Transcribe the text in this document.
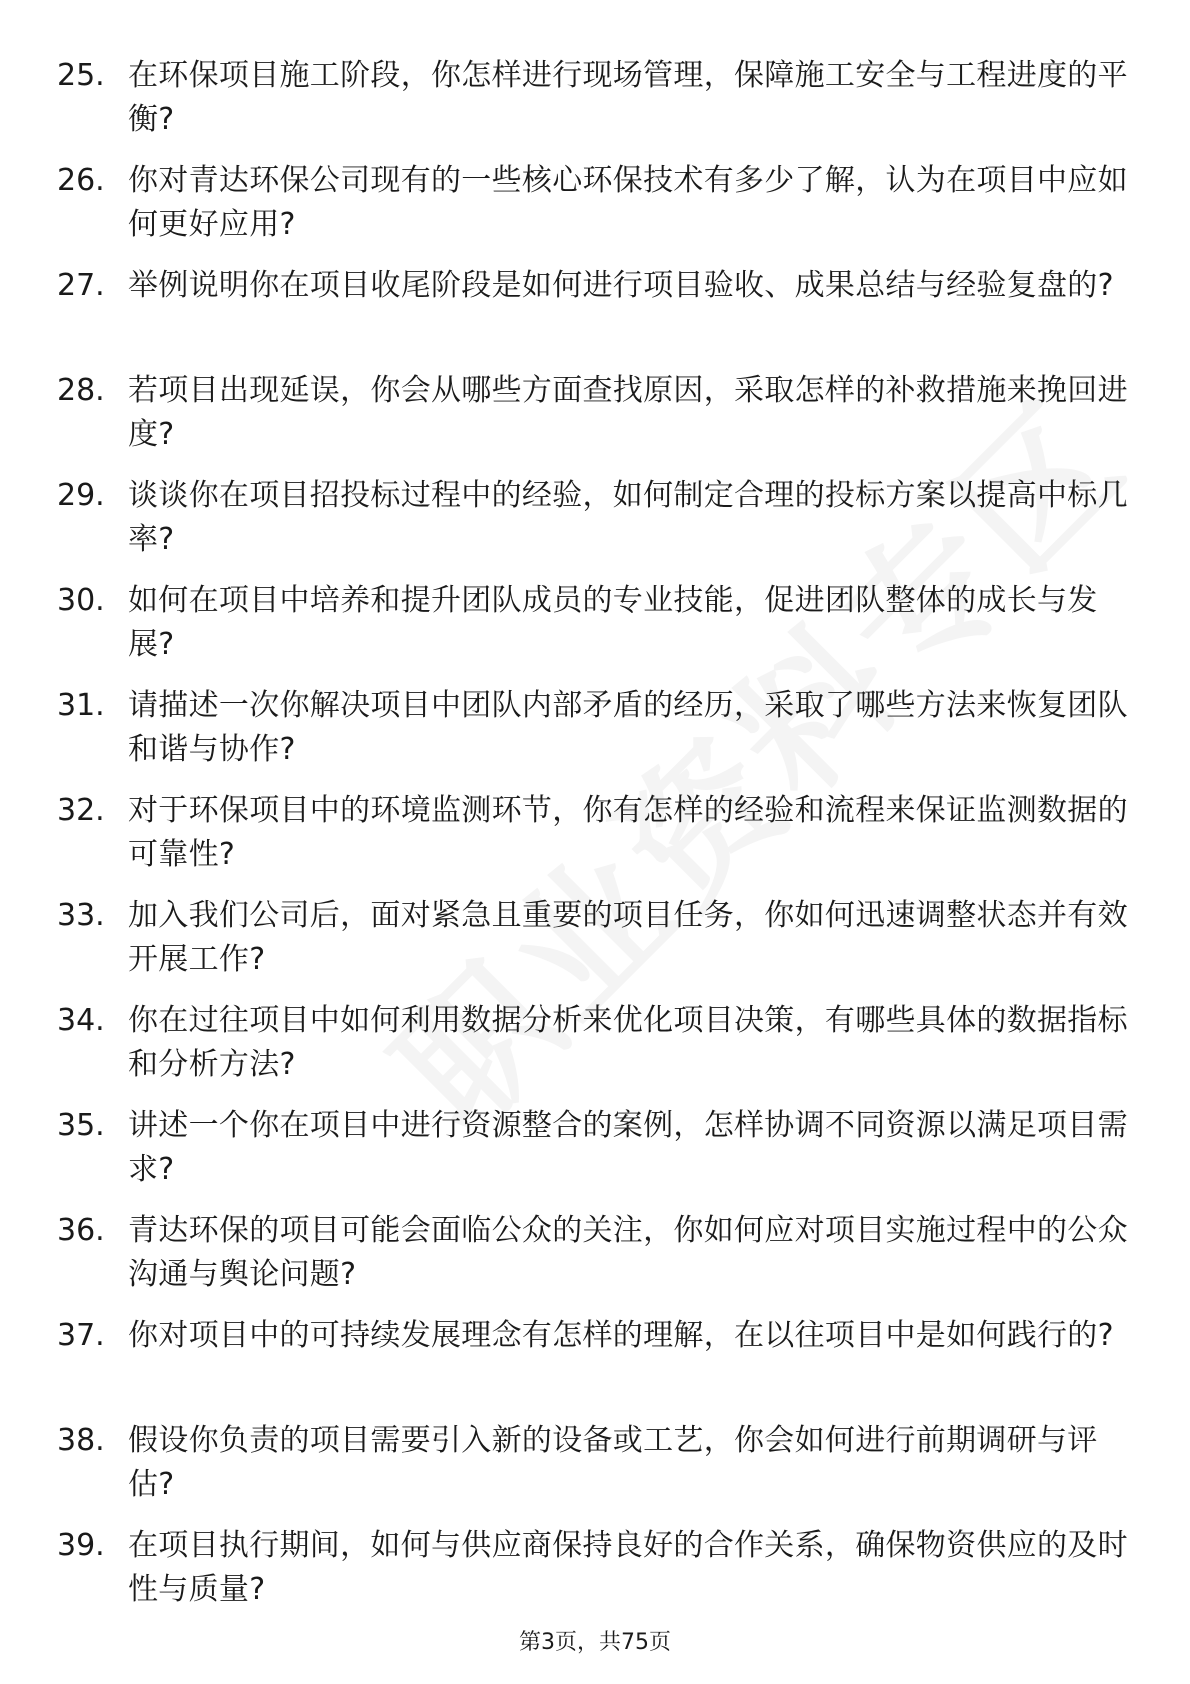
25. 在环保项目施工阶段，你怎样进行现场管理，保障施工安全与工程进度的平衡?
26. 你对青达环保公司现有的一些核心环保技术有多少了解，认为在项目中应如何更好应用?
27. 举例说明你在项目收尾阶段是如何进行项目验收、成果总结与经验复盘的?
28. 若项目出现延误，你会从哪些方面查找原因，采取怎样的补救措施来挽回进度?
29. 谈谈你在项目招投标过程中的经验，如何制定合理的投标方案以提高中标几率?
30. 如何在项目中培养和提升团队成员的专业技能，促进团队整体的成长与发展?
31. 请描述一次你解决项目中团队内部矛盾的经历，采取了哪些方法来恢复团队和谐与协作?
32. 对于环保项目中的环境监测环节，你有怎样的经验和流程来保证监测数据的可靠性?
33. 加入我们公司后，面对紧急且重要的项目任务，你如何迅速调整状态并有效开展工作?
34. 你在过往项目中如何利用数据分析来优化项目决策，有哪些具体的数据指标和分析方法?
35. 讲述一个你在项目中进行资源整合的案例，怎样协调不同资源以满足项目需求?
36. 青达环保的项目可能会面临公众的关注，你如何应对项目实施过程中的公众沟通与舆论问题?
37. 你对项目中的可持续发展理念有怎样的理解，在以往项目中是如何践行的?
38. 假设你负责的项目需要引入新的设备或工艺，你会如何进行前期调研与评估?
39. 在项目执行期间，如何与供应商保持良好的合作关系，确保物资供应的及时性与质量?
第3页，共75页
